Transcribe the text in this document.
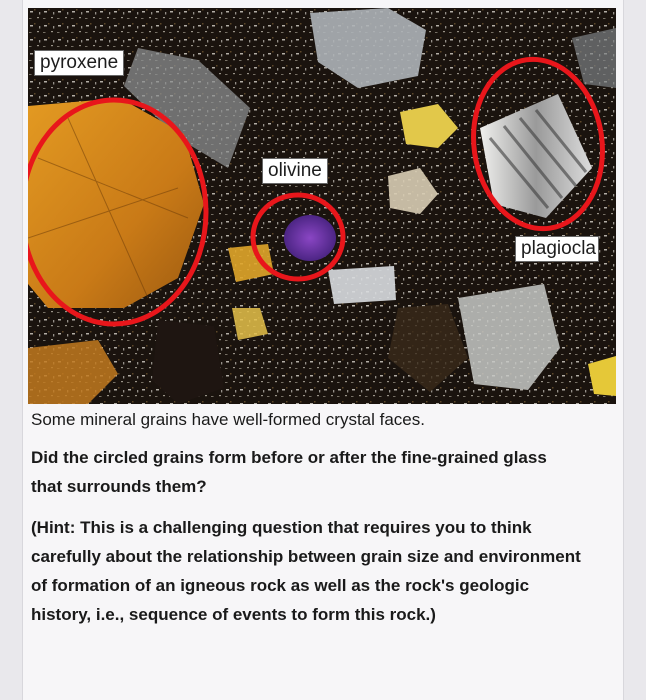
pyroxene
olivine
plagiocla
Some mineral grains have well-formed crystal faces.
Did the circled grains form before or after the fine-grained glass that surrounds them?
(Hint: This is a challenging question that requires you to think carefully about the relationship between grain size and environment of formation of an igneous rock as well as the rock's geologic history, i.e., sequence of events to form this rock.)
